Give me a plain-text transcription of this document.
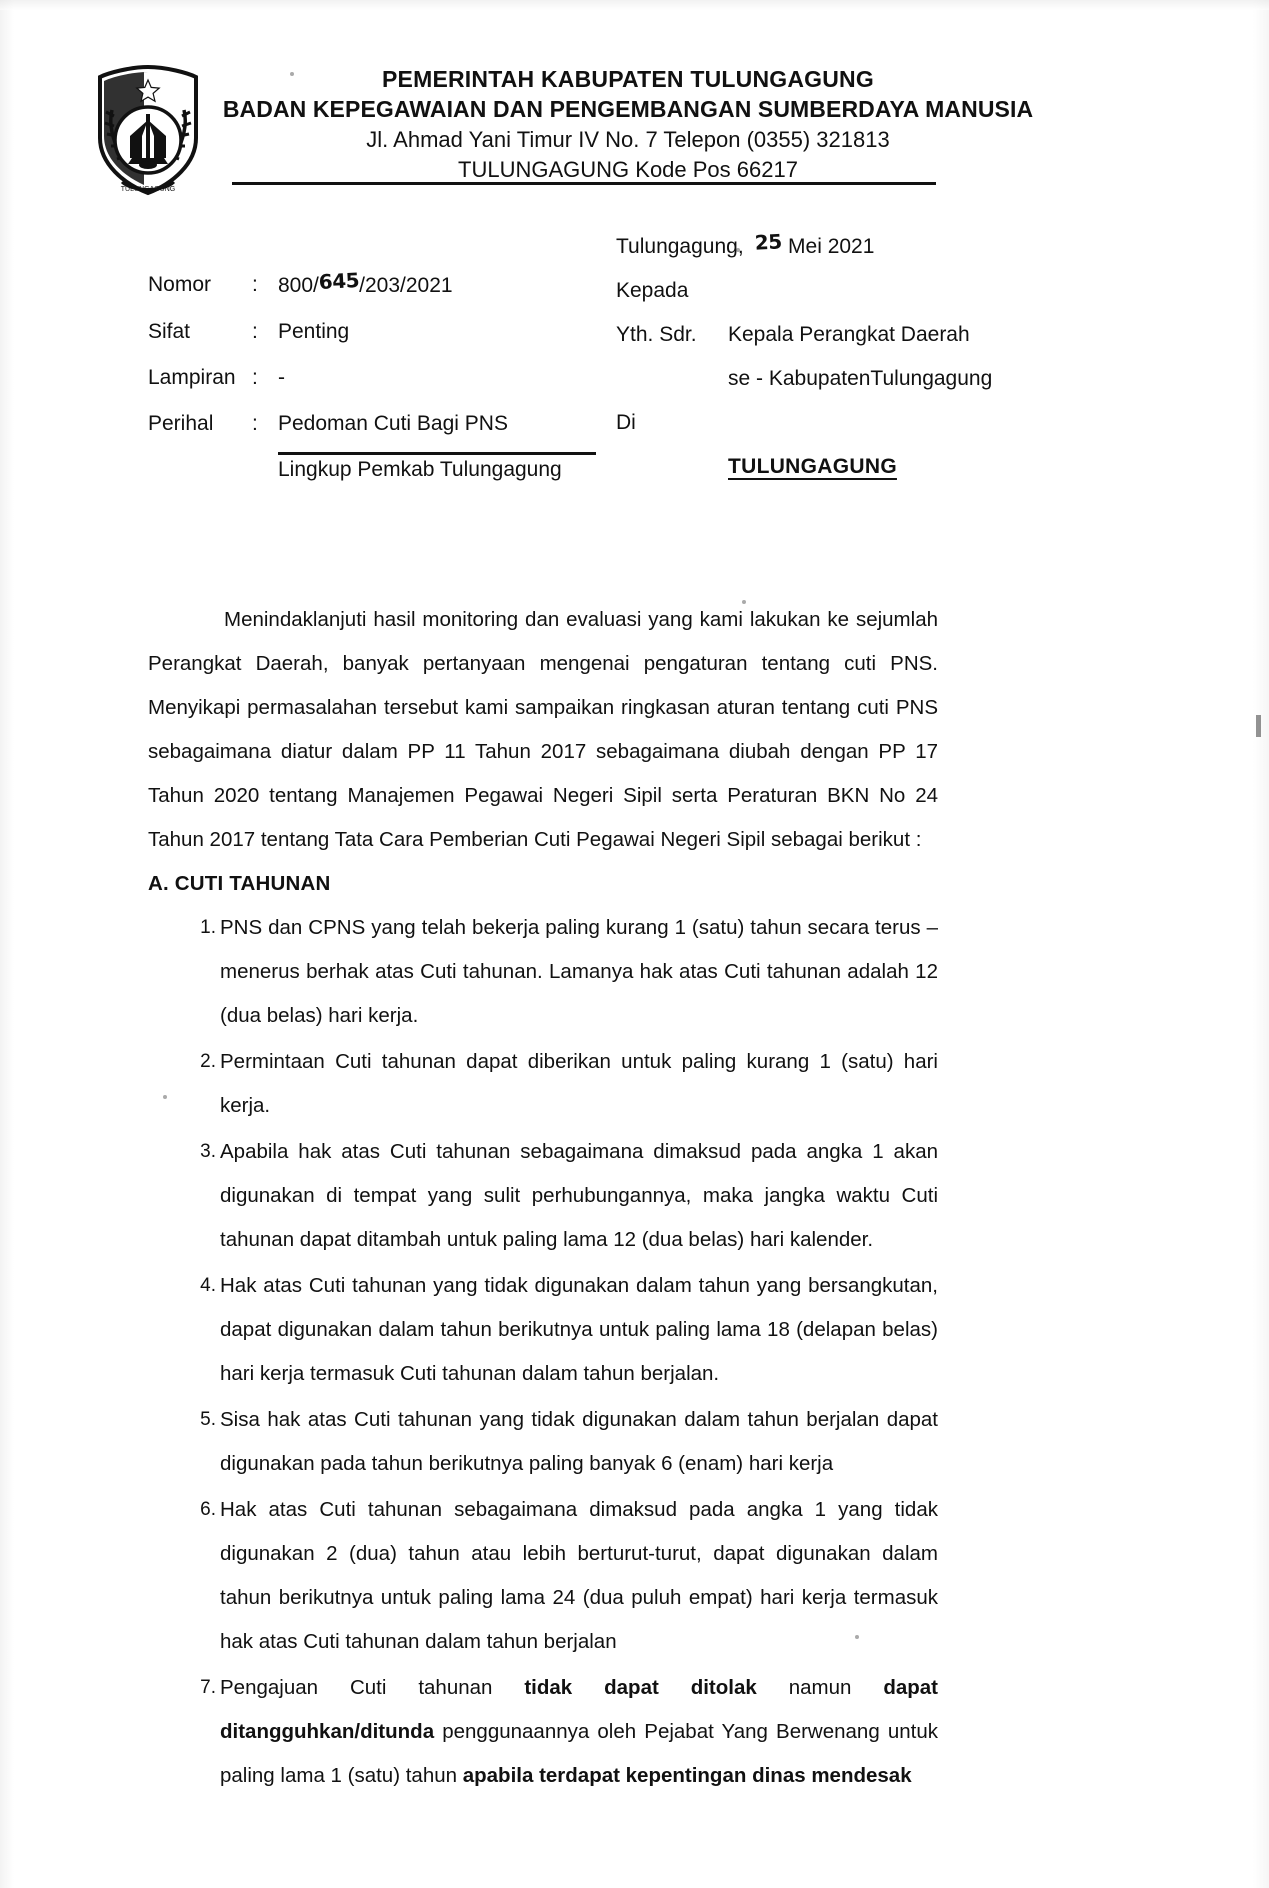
TULUNGAGUNG
PEMERINTAH KABUPATEN TULUNGAGUNG
BADAN KEPEGAWAIAN DAN PENGEMBANGAN SUMBERDAYA MANUSIA
Jl. Ahmad Yani Timur IV No. 7 Telepon (0355) 321813
TULUNGAGUNG Kode Pos 66217
Nomor	: 800/645/203/2021
Sifat	: Penting
Lampiran : -
Perihal	: Pedoman Cuti Bagi PNS
Lingkup Pemkab Tulungagung
Tulungagung, 25 Mei 2021
Kepada
Yth. Sdr.	Kepala Perangkat Daerah
se - KabupatenTulungagung
Di
TULUNGAGUNG

Menindaklanjuti hasil monitoring dan evaluasi yang kami lakukan ke sejumlah Perangkat Daerah, banyak pertanyaan mengenai pengaturan tentang cuti PNS. Menyikapi permasalahan tersebut kami sampaikan ringkasan aturan tentang cuti PNS sebagaimana diatur dalam PP 11 Tahun 2017 sebagaimana diubah dengan PP 17 Tahun 2020 tentang Manajemen Pegawai Negeri Sipil serta Peraturan BKN No 24 Tahun 2017 tentang Tata Cara Pemberian Cuti Pegawai Negeri Sipil sebagai berikut :

A. CUTI TAHUNAN
1. PNS dan CPNS yang telah bekerja paling kurang 1 (satu) tahun secara terus – menerus berhak atas Cuti tahunan. Lamanya hak atas Cuti tahunan adalah 12 (dua belas) hari kerja.
2. Permintaan Cuti tahunan dapat diberikan untuk paling kurang 1 (satu) hari kerja.
3. Apabila hak atas Cuti tahunan sebagaimana dimaksud pada angka 1 akan digunakan di tempat yang sulit perhubungannya, maka jangka waktu Cuti tahunan dapat ditambah untuk paling lama 12 (dua belas) hari kalender.
4. Hak atas Cuti tahunan yang tidak digunakan dalam tahun yang bersangkutan, dapat digunakan dalam tahun berikutnya untuk paling lama 18 (delapan belas) hari kerja termasuk Cuti tahunan dalam tahun berjalan.
5. Sisa hak atas Cuti tahunan yang tidak digunakan dalam tahun berjalan dapat digunakan pada tahun berikutnya paling banyak 6 (enam) hari kerja
6. Hak atas Cuti tahunan sebagaimana dimaksud pada angka 1 yang tidak digunakan 2 (dua) tahun atau lebih berturut-turut, dapat digunakan dalam tahun berikutnya untuk paling lama 24 (dua puluh empat) hari kerja termasuk hak atas Cuti tahunan dalam tahun berjalan
7. Pengajuan Cuti tahunan tidak dapat ditolak namun dapat ditangguhkan/ditunda penggunaannya oleh Pejabat Yang Berwenang untuk paling lama 1 (satu) tahun apabila terdapat kepentingan dinas mendesak
